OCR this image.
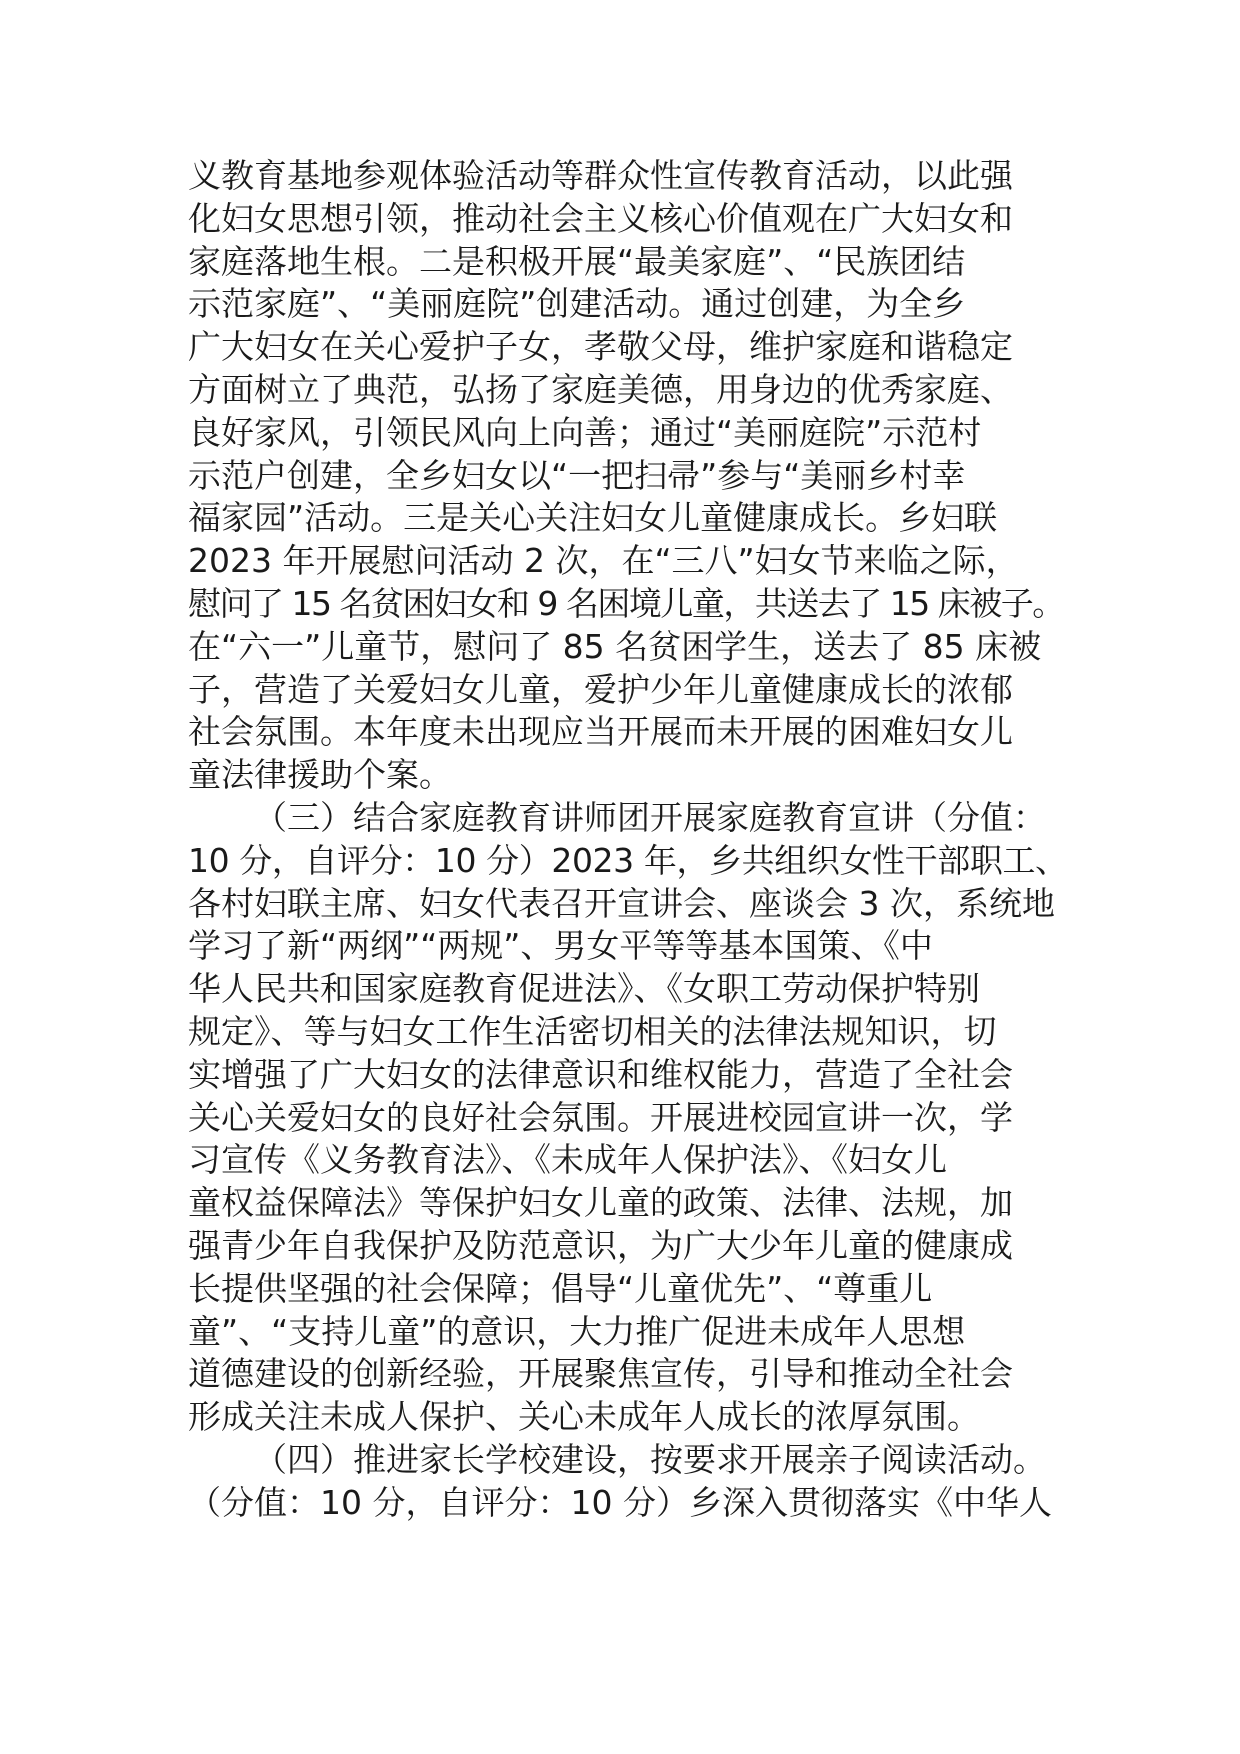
义教育基地参观体验活动等群众性宣传教育活动，以此强
化妇女思想引领，推动社会主义核心价值观在广大妇女和
家庭落地生根。二是积极开展“最美家庭”、“民族团结
示范家庭”、“美丽庭院”创建活动。通过创建，为全乡
广大妇女在关心爱护子女，孝敬父母，维护家庭和谐稳定
方面树立了典范，弘扬了家庭美德，用身边的优秀家庭、
良好家风，引领民风向上向善；通过“美丽庭院”示范村
示范户创建，全乡妇女以“一把扫帚”参与“美丽乡村幸
福家园”活动。三是关心关注妇女儿童健康成长。乡妇联
2023 年开展慰问活动 2 次，在“三八”妇女节来临之际，
慰问了 15 名贫困妇女和 9 名困境儿童，共送去了 15 床被子。
在“六一”儿童节，慰问了 85 名贫困学生，送去了 85 床被
子，营造了关爱妇女儿童，爱护少年儿童健康成长的浓郁
社会氛围。本年度未出现应当开展而未开展的困难妇女儿
童法律援助个案。
（三）结合家庭教育讲师团开展家庭教育宣讲（分值：
10 分，自评分：10 分）2023 年，乡共组织女性干部职工、
各村妇联主席、妇女代表召开宣讲会、座谈会 3 次，系统地
学习了新“两纲”“两规”、男女平等等基本国策、《中
华人民共和国家庭教育促进法》、《女职工劳动保护特别
规定》、等与妇女工作生活密切相关的法律法规知识，切
实增强了广大妇女的法律意识和维权能力，营造了全社会
关心关爱妇女的良好社会氛围。开展进校园宣讲一次，学
习宣传《义务教育法》、《未成年人保护法》、《妇女儿
童权益保障法》等保护妇女儿童的政策、法律、法规，加
强青少年自我保护及防范意识，为广大少年儿童的健康成
长提供坚强的社会保障；倡导“儿童优先”、“尊重儿
童”、“支持儿童”的意识，大力推广促进未成年人思想
道德建设的创新经验，开展聚焦宣传，引导和推动全社会
形成关注未成人保护、关心未成年人成长的浓厚氛围。
（四）推进家长学校建设，按要求开展亲子阅读活动。
（分值：10 分，自评分：10 分）乡深入贯彻落实《中华人
